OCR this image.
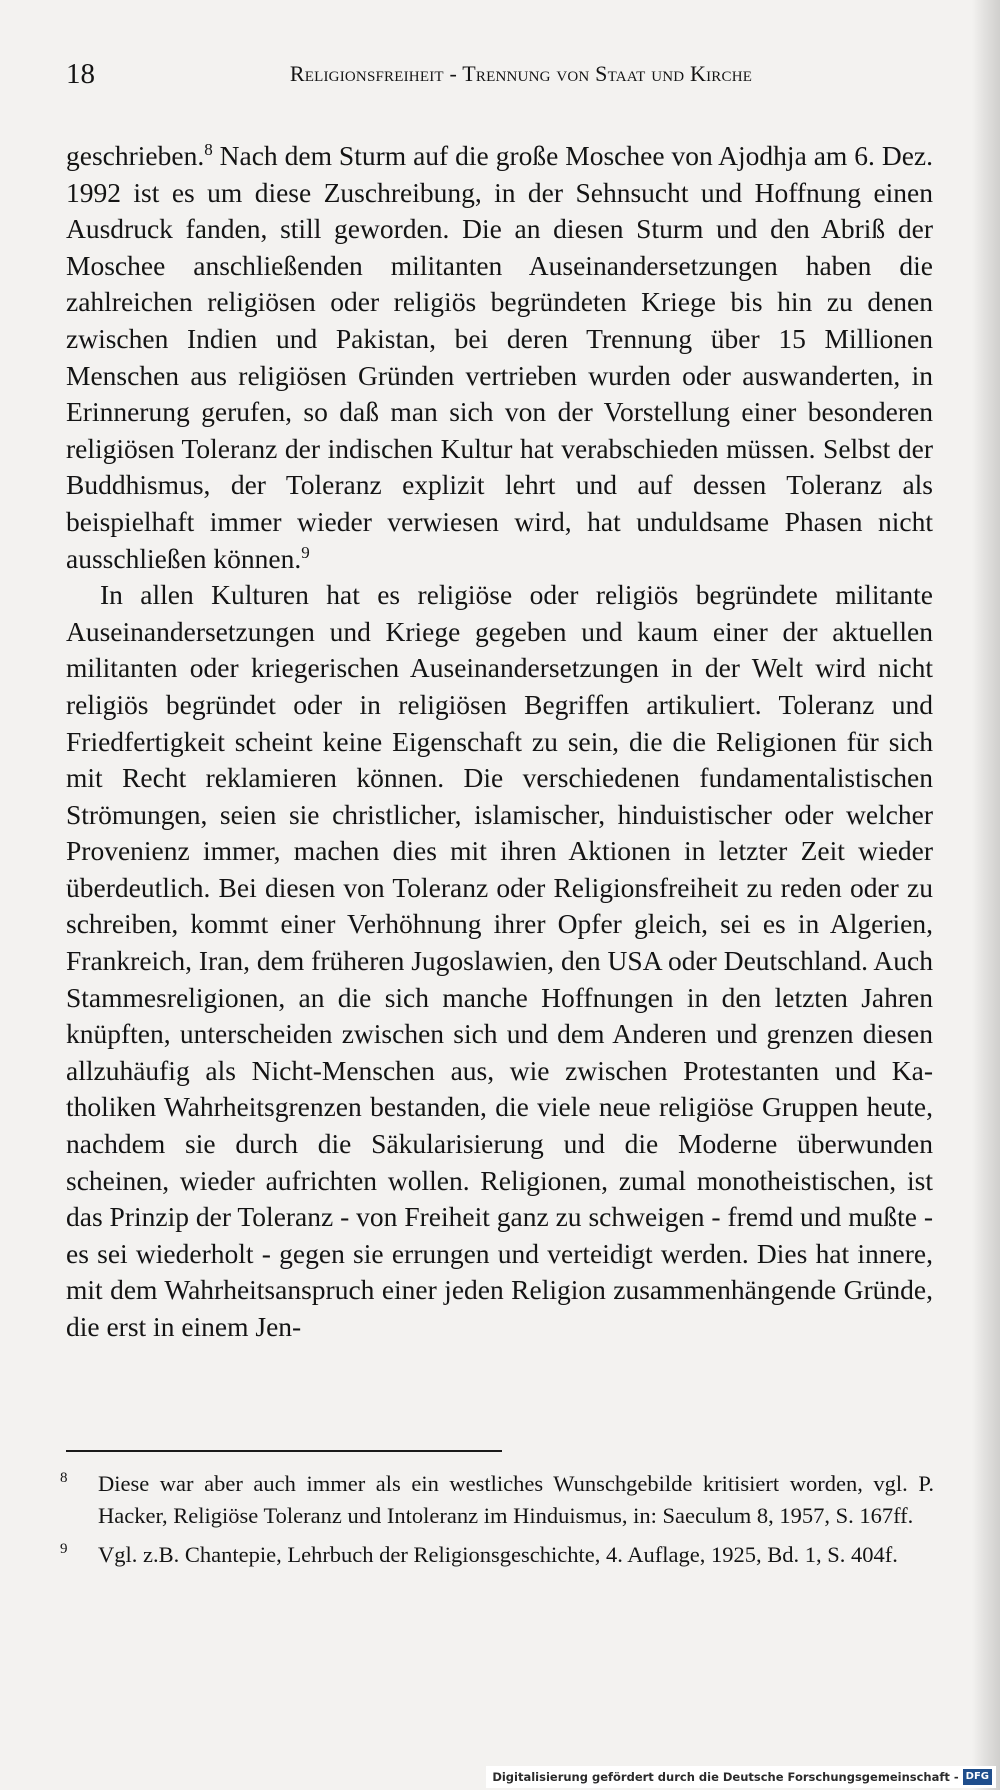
18	Religionsfreiheit - Trennung von Staat und Kirche

geschrieben.$^8$ Nach dem Sturm auf die große Moschee von Ajodhja am 6. Dez. 1992 ist es um diese Zuschreibung, in der Sehnsucht und Hoffnung einen Ausdruck fanden, still geworden. Die an diesen Sturm und den Abriß der Moschee anschließenden militanten Auseinandersetzungen haben die zahlreichen religiösen oder religiös begründeten Kriege bis hin zu denen zwischen Indien und Pakistan, bei deren Trennung über 15 Millionen Menschen aus religiösen Gründen vertrieben wurden oder auswanderten, in Erinnerung gerufen, so daß man sich von der Vorstellung einer besonderen religiösen Toleranz der indischen Kultur hat verabschieden müssen. Selbst der Buddhismus, der Toleranz explizit lehrt und auf dessen Toleranz als beispielhaft immer wieder verwiesen wird, hat unduldsame Phasen nicht ausschließen können.$^9$

In allen Kulturen hat es religiöse oder religiös begründete militante Auseinandersetzungen und Kriege gegeben und kaum einer der aktuellen militanten oder kriegerischen Auseinandersetzungen in der Welt wird nicht religiös begründet oder in religiösen Begriffen artikuliert. Toleranz und Friedfertigkeit scheint keine Eigenschaft zu sein, die die Religionen für sich mit Recht reklamieren können. Die verschiedenen fundamentalistischen Strömungen, seien sie christlicher, islamischer, hinduistischer oder welcher Provenienz immer, machen dies mit ihren Aktionen in letzter Zeit wieder überdeutlich. Bei diesen von Toleranz oder Religionsfreiheit zu reden oder zu schreiben, kommt einer Verhöhnung ihrer Opfer gleich, sei es in Algerien, Frankreich, Iran, dem früheren Jugoslawien, den USA oder Deutschland. Auch Stammesreligionen, an die sich manche Hoffnungen in den letzten Jahren knüpften, unterscheiden zwischen sich und dem Anderen und grenzen diesen allzuhäufig als Nicht-Menschen aus, wie zwischen Protestanten und Katholiken Wahrheitsgrenzen bestanden, die viele neue religiöse Gruppen heute, nachdem sie durch die Säkularisierung und die Moderne überwunden scheinen, wieder aufrichten wollen. Religionen, zumal monotheistischen, ist das Prinzip der Toleranz - von Freiheit ganz zu schweigen - fremd und mußte - es sei wiederholt - gegen sie errungen und verteidigt werden. Dies hat innere, mit dem Wahrheitsanspruch einer jeden Religion zusammenhängende Gründe, die erst in einem Jen-

8 Diese war aber auch immer als ein westliches Wunschgebilde kritisiert worden, vgl. P. Hacker, Religiöse Toleranz und Intoleranz im Hinduismus, in: Saeculum 8, 1957, S. 167ff.
9 Vgl. z.B. Chantepie, Lehrbuch der Religionsgeschichte, 4. Auflage, 1925, Bd. 1, S. 404f.
Digitalisierung gefördert durch die Deutsche Forschungsgemeinschaft - DFG
